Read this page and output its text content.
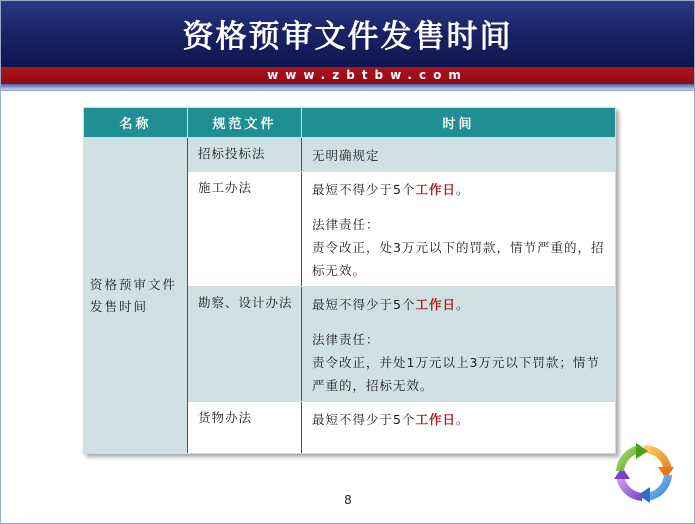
资格预审文件发售时间
www.zbtbw.com
名称	规范文件	时间
资格预审文件发售时间	招标投标法	无明确规定

	施工办法	最短不得少于5个工作日。
法律责任：
责令改正，处3万元以下的罚款，情节严重的，招标无效。

	勘察、设计办法	最短不得少于5个工作日。
法律责任：
责令改正，并处1万元以上3万元以下罚款；情节严重的，招标无效。

	货物办法	最短不得少于5个工作日。
8
